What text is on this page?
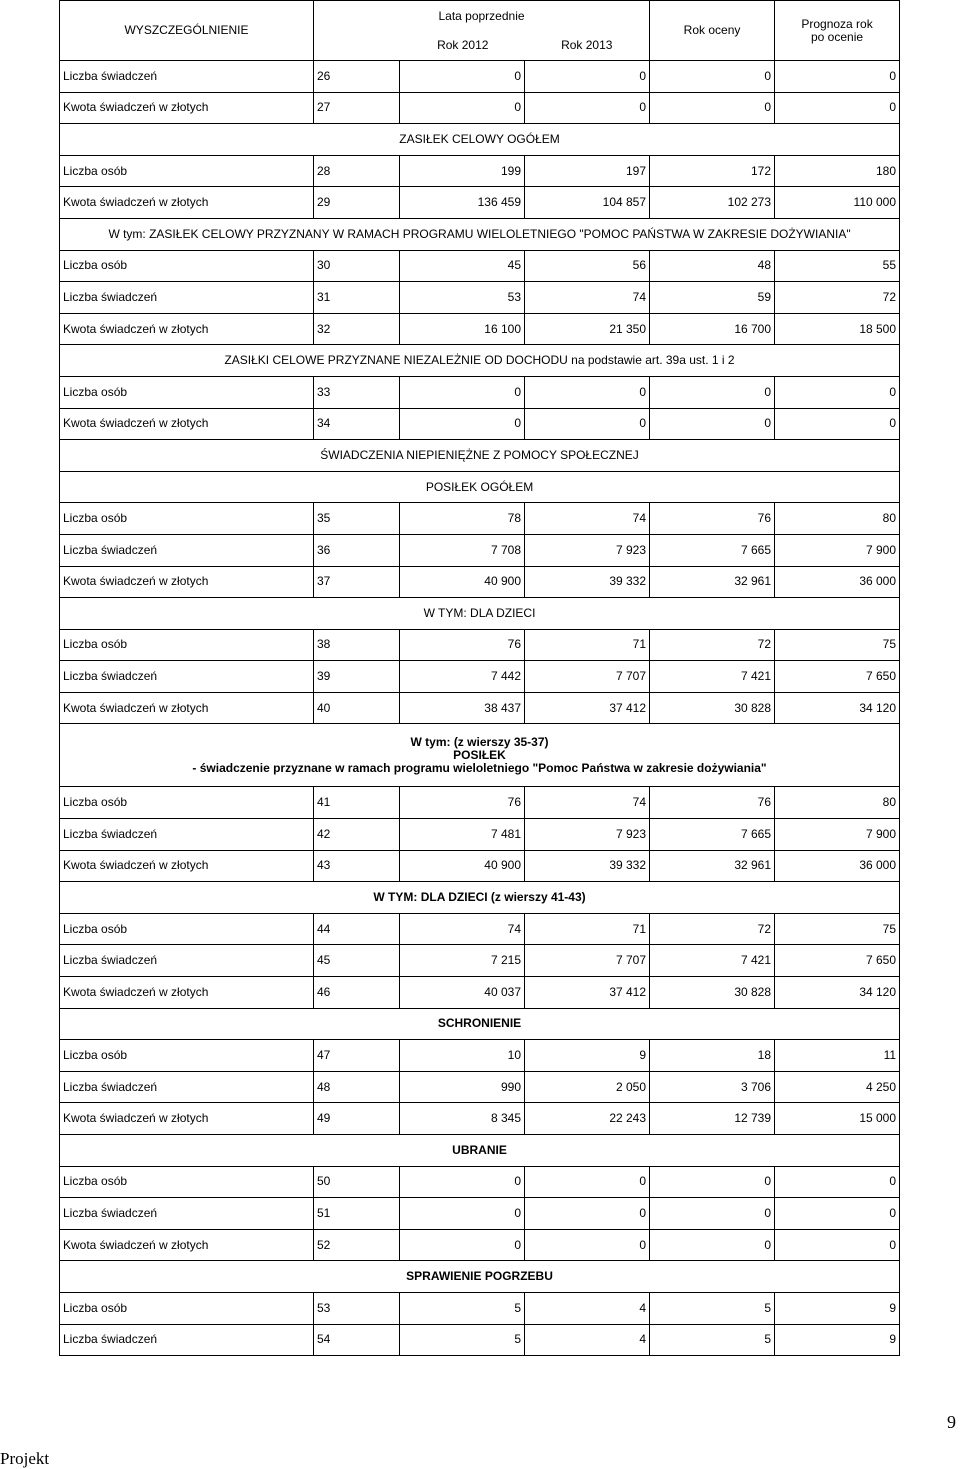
WYSZCZEGÓLNIENIE	Lata poprzednie			Rok oceny	Prognoza rok
po ocenie
	Rok 2012		Rok 2013		
Liczba świadczeń	26	0	0	0	0
Kwota świadczeń w złotych	27	0	0	0	0
ZASIŁEK CELOWY OGÓŁEM					
Liczba osób	28	199	197	172	180
Kwota świadczeń w złotych	29	136 459	104 857	102 273	110 000
W tym: ZASIŁEK CELOWY PRZYZNANY W RAMACH PROGRAMU WIELOLETNIEGO "POMOC PAŃSTWA W ZAKRESIE DOŻYWIANIA"					
Liczba osób	30	45	56	48	55
Liczba świadczeń	31	53	74	59	72
Kwota świadczeń w złotych	32	16 100	21 350	16 700	18 500
ZASIŁKI CELOWE PRZYZNANE NIEZALEŻNIE OD DOCHODU na podstawie art. 39a ust. 1 i 2					
Liczba osób	33	0	0	0	0
Kwota świadczeń w złotych	34	0	0	0	0
ŚWIADCZENIA NIEPIENIĘŻNE Z POMOCY SPOŁECZNEJ					
POSIŁEK OGÓŁEM					
Liczba osób	35	78	74	76	80
Liczba świadczeń	36	7 708	7 923	7 665	7 900
Kwota świadczeń w złotych	37	40 900	39 332	32 961	36 000
W TYM: DLA DZIECI					
Liczba osób	38	76	71	72	75
Liczba świadczeń	39	7 442	7 707	7 421	7 650
Kwota świadczeń w złotych	40	38 437	37 412	30 828	34 120
W tym: (z wierszy 35-37)
POSIŁEK
- świadczenie przyznane w ramach programu wieloletniego "Pomoc Państwa w zakresie dożywiania"					
Liczba osób	41	76	74	76	80
Liczba świadczeń	42	7 481	7 923	7 665	7 900
Kwota świadczeń w złotych	43	40 900	39 332	32 961	36 000
W TYM: DLA DZIECI (z wierszy 41-43)					
Liczba osób	44	74	71	72	75
Liczba świadczeń	45	7 215	7 707	7 421	7 650
Kwota świadczeń w złotych	46	40 037	37 412	30 828	34 120
SCHRONIENIE					
Liczba osób	47	10	9	18	11
Liczba świadczeń	48	990	2 050	3 706	4 250
Kwota świadczeń w złotych	49	8 345	22 243	12 739	15 000
UBRANIE					
Liczba osób	50	0	0	0	0
Liczba świadczeń	51	0	0	0	0
Kwota świadczeń w złotych	52	0	0	0	0
SPRAWIENIE POGRZEBU					
Liczba osób	53	5	4	5	9
Liczba świadczeń	54	5	4	5	9
9
Projekt
